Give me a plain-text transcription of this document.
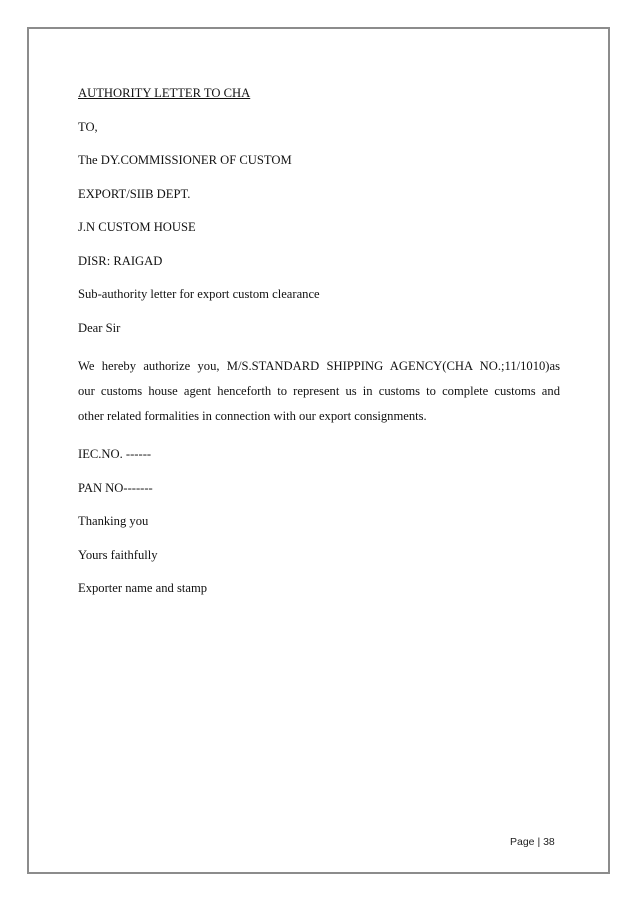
AUTHORITY LETTER TO CHA

TO,

The DY.COMMISSIONER OF CUSTOM

EXPORT/SIIB DEPT.

J.N CUSTOM HOUSE

DISR: RAIGAD

Sub-authority letter for export custom clearance

Dear Sir

We hereby authorize you, M/S.STANDARD SHIPPING AGENCY(CHA NO.;11/1010)as
our customs house agent henceforth to represent us in customs to complete customs and
other related formalities in connection with our export consignments.

IEC.NO. ------

PAN NO-------

Thanking you

Yours faithfully

Exporter name and stamp

Page | 38
